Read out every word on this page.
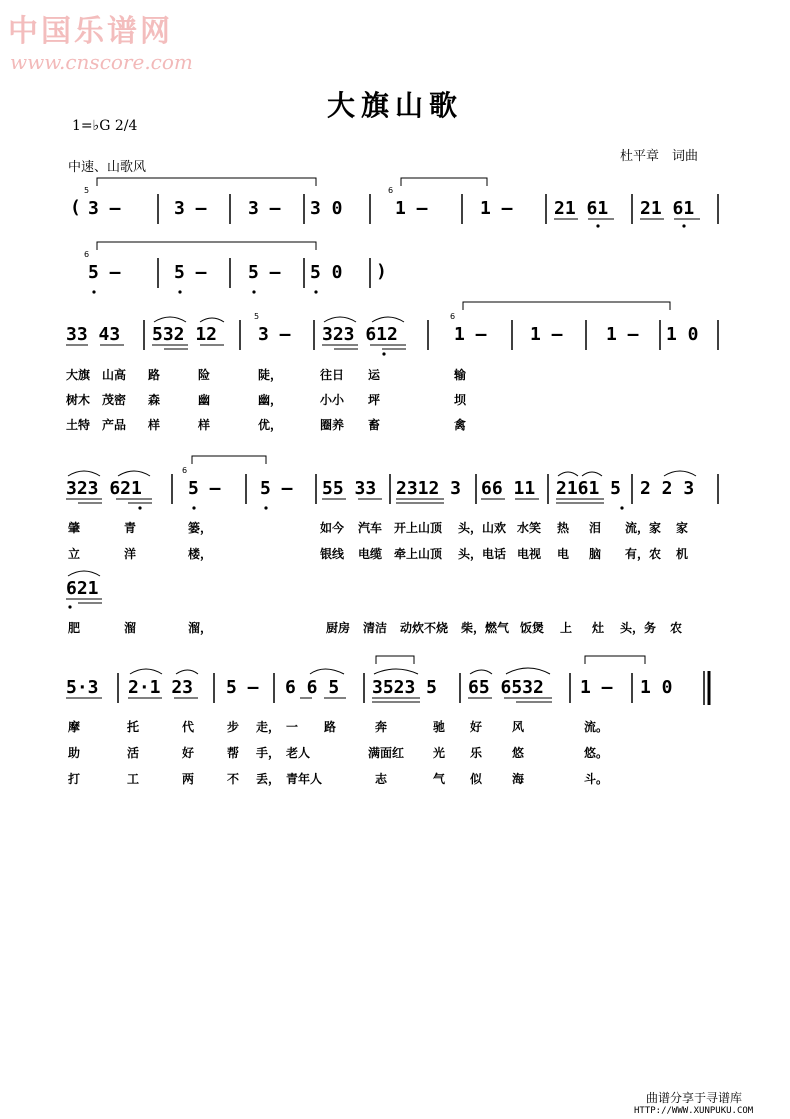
中国乐谱网
www.cnscore.com
大旗山歌
1=♭G 2/4
中速、山歌风
杜平章　词曲
(
5
3 –	3 – 3 – 3 0
6
1 –	1 – 21 61 21 61
6
5 –	5 – 5 – 5 0 )
33 43 532 12
5
3 – 323 612
6
1 – 1 – 1 – 1 0
大旗 山高 路	险	陡，	往日 运	输
树木 茂密 森	幽	幽，	小小 坪	坝
土特 产品 样	样	优，	圈养 畜	禽
323 621
6
5 – 5 – 55 33 2312 3 66 11 2161 5 2 2 3
肇	青	篓，	如今 汽车 开上山顶 头，山欢 水笑 热 泪 流，家 家
立	洋	楼，	银线 电缆 牵上山顶 头，电话 电视 电 脑 有，农 机
621
肥	溜	溜，	厨房 清洁 动炊不烧 柴，燃气 饭煲 上 灶 头，务 农
5·3 2·1 23 5 – 6 6 5 3523 5 65 6532 1 – 1 0
摩	托	代	步 走， 一 路	奔	驰 好 风	流。
助	活	好	帮 手， 老人	满面红 光 乐 悠	悠。
打	工	两	不 丢， 青年人	志	气 似 海	斗。
曲谱分享于寻谱库
HTTP://WWW.XUNPUKU.COM
